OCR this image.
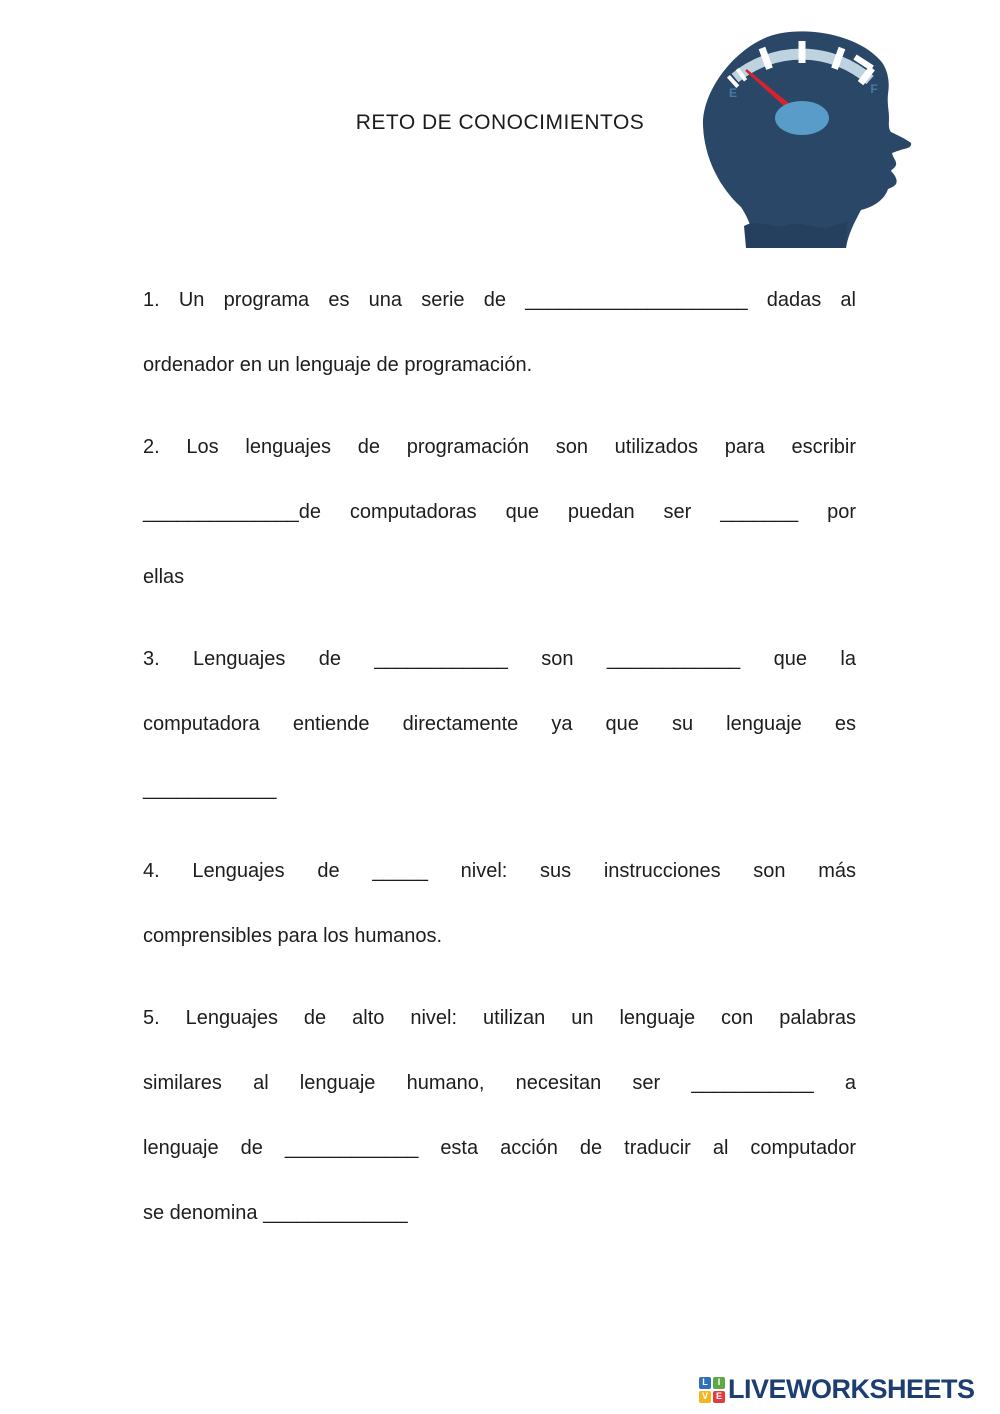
RETO DE CONOCIMIENTOS
E	F
1. Un programa es una serie de ____________________ dadas al
ordenador en un lenguaje de programación.
2. Los lenguajes de programación son utilizados para escribir
______________de computadoras que puedan ser _______ por
ellas
3. Lenguajes de ____________ son ____________ que la
computadora entiende directamente ya que su lenguaje es
____________
4. Lenguajes de _____ nivel: sus instrucciones son más
comprensibles para los humanos.
5. Lenguajes de alto nivel: utilizan un lenguaje con palabras
similares al lenguaje humano, necesitan ser ___________ a
lenguaje de ____________ esta acción de traducir al computador
se denomina _____________
L	I
V E LIVEWORKSHEETS
